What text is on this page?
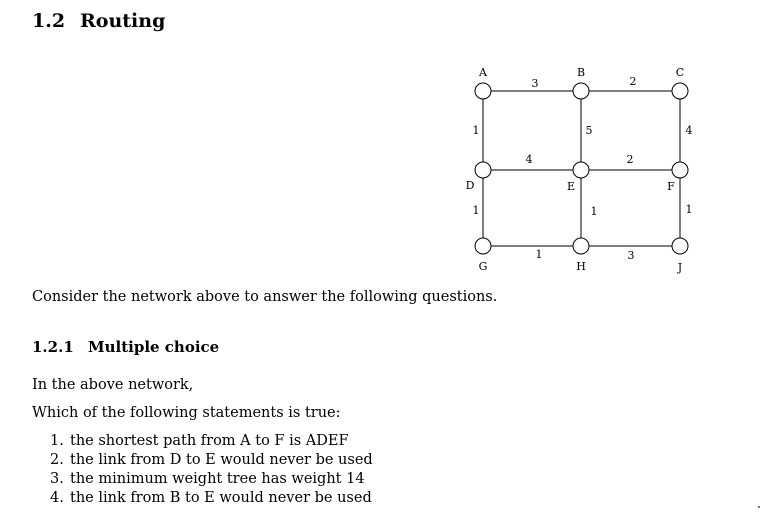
1.2 Routing
3	2
1	5	4
4	2
1	1	1
1	3
A	B	C
D	E	F
G	H	J
Consider the network above to answer the following questions.
1.2.1 Multiple choice
In the above network,
Which of the following statements is true:
1. the shortest path from A to F is ADEF
2. the link from D to E would never be used
3. the minimum weight tree has weight 14
4. the link from B to E would never be used
